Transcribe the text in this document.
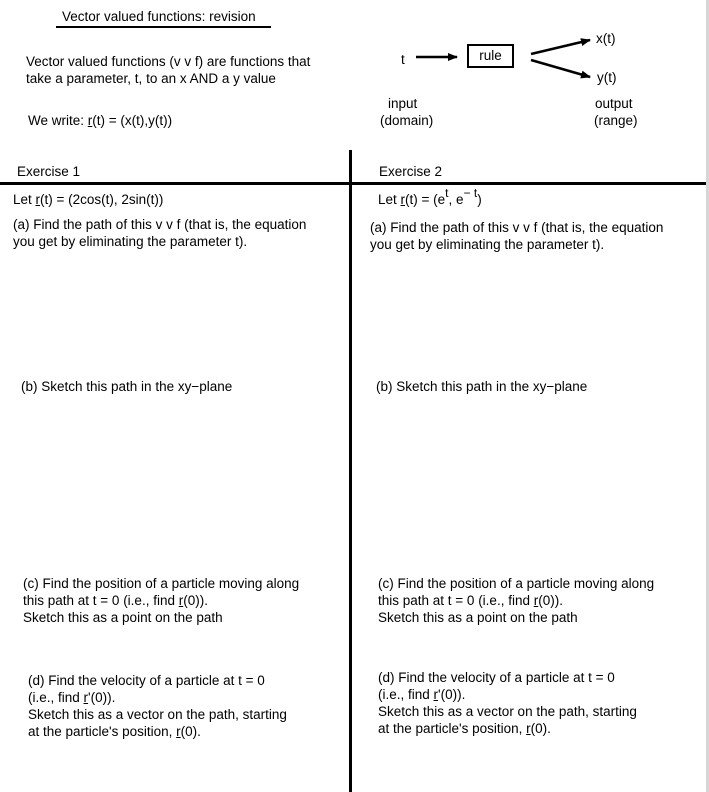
Vector valued functions: revision
Vector valued functions (v v f) are functions that
take a parameter, t, to an x AND a y value
We write: r(t) = (x(t),y(t))
t	rule
x(t)
y(t)
input
(domain)
output
(range)
Exercise 1
Let r(t) = (2cos(t), 2sin(t))
(a) Find the path of this v v f (that is, the equation
you get by eliminating the parameter t).
(b) Sketch this path in the xy−plane
(c) Find the position of a particle moving along
this path at t = 0 (i.e., find r(0)).
Sketch this as a point on the path
(d) Find the velocity of a particle at t = 0
(i.e., find r'(0)).
Sketch this as a vector on the path, starting
at the particle's position, r(0).
Exercise 2
Let r(t) = (et, e− t)
(a) Find the path of this v v f (that is, the equation
you get by eliminating the parameter t).
(b) Sketch this path in the xy−plane
(c) Find the position of a particle moving along
this path at t = 0 (i.e., find r(0)).
Sketch this as a point on the path
(d) Find the velocity of a particle at t = 0
(i.e., find r'(0)).
Sketch this as a vector on the path, starting
at the particle's position, r(0).
